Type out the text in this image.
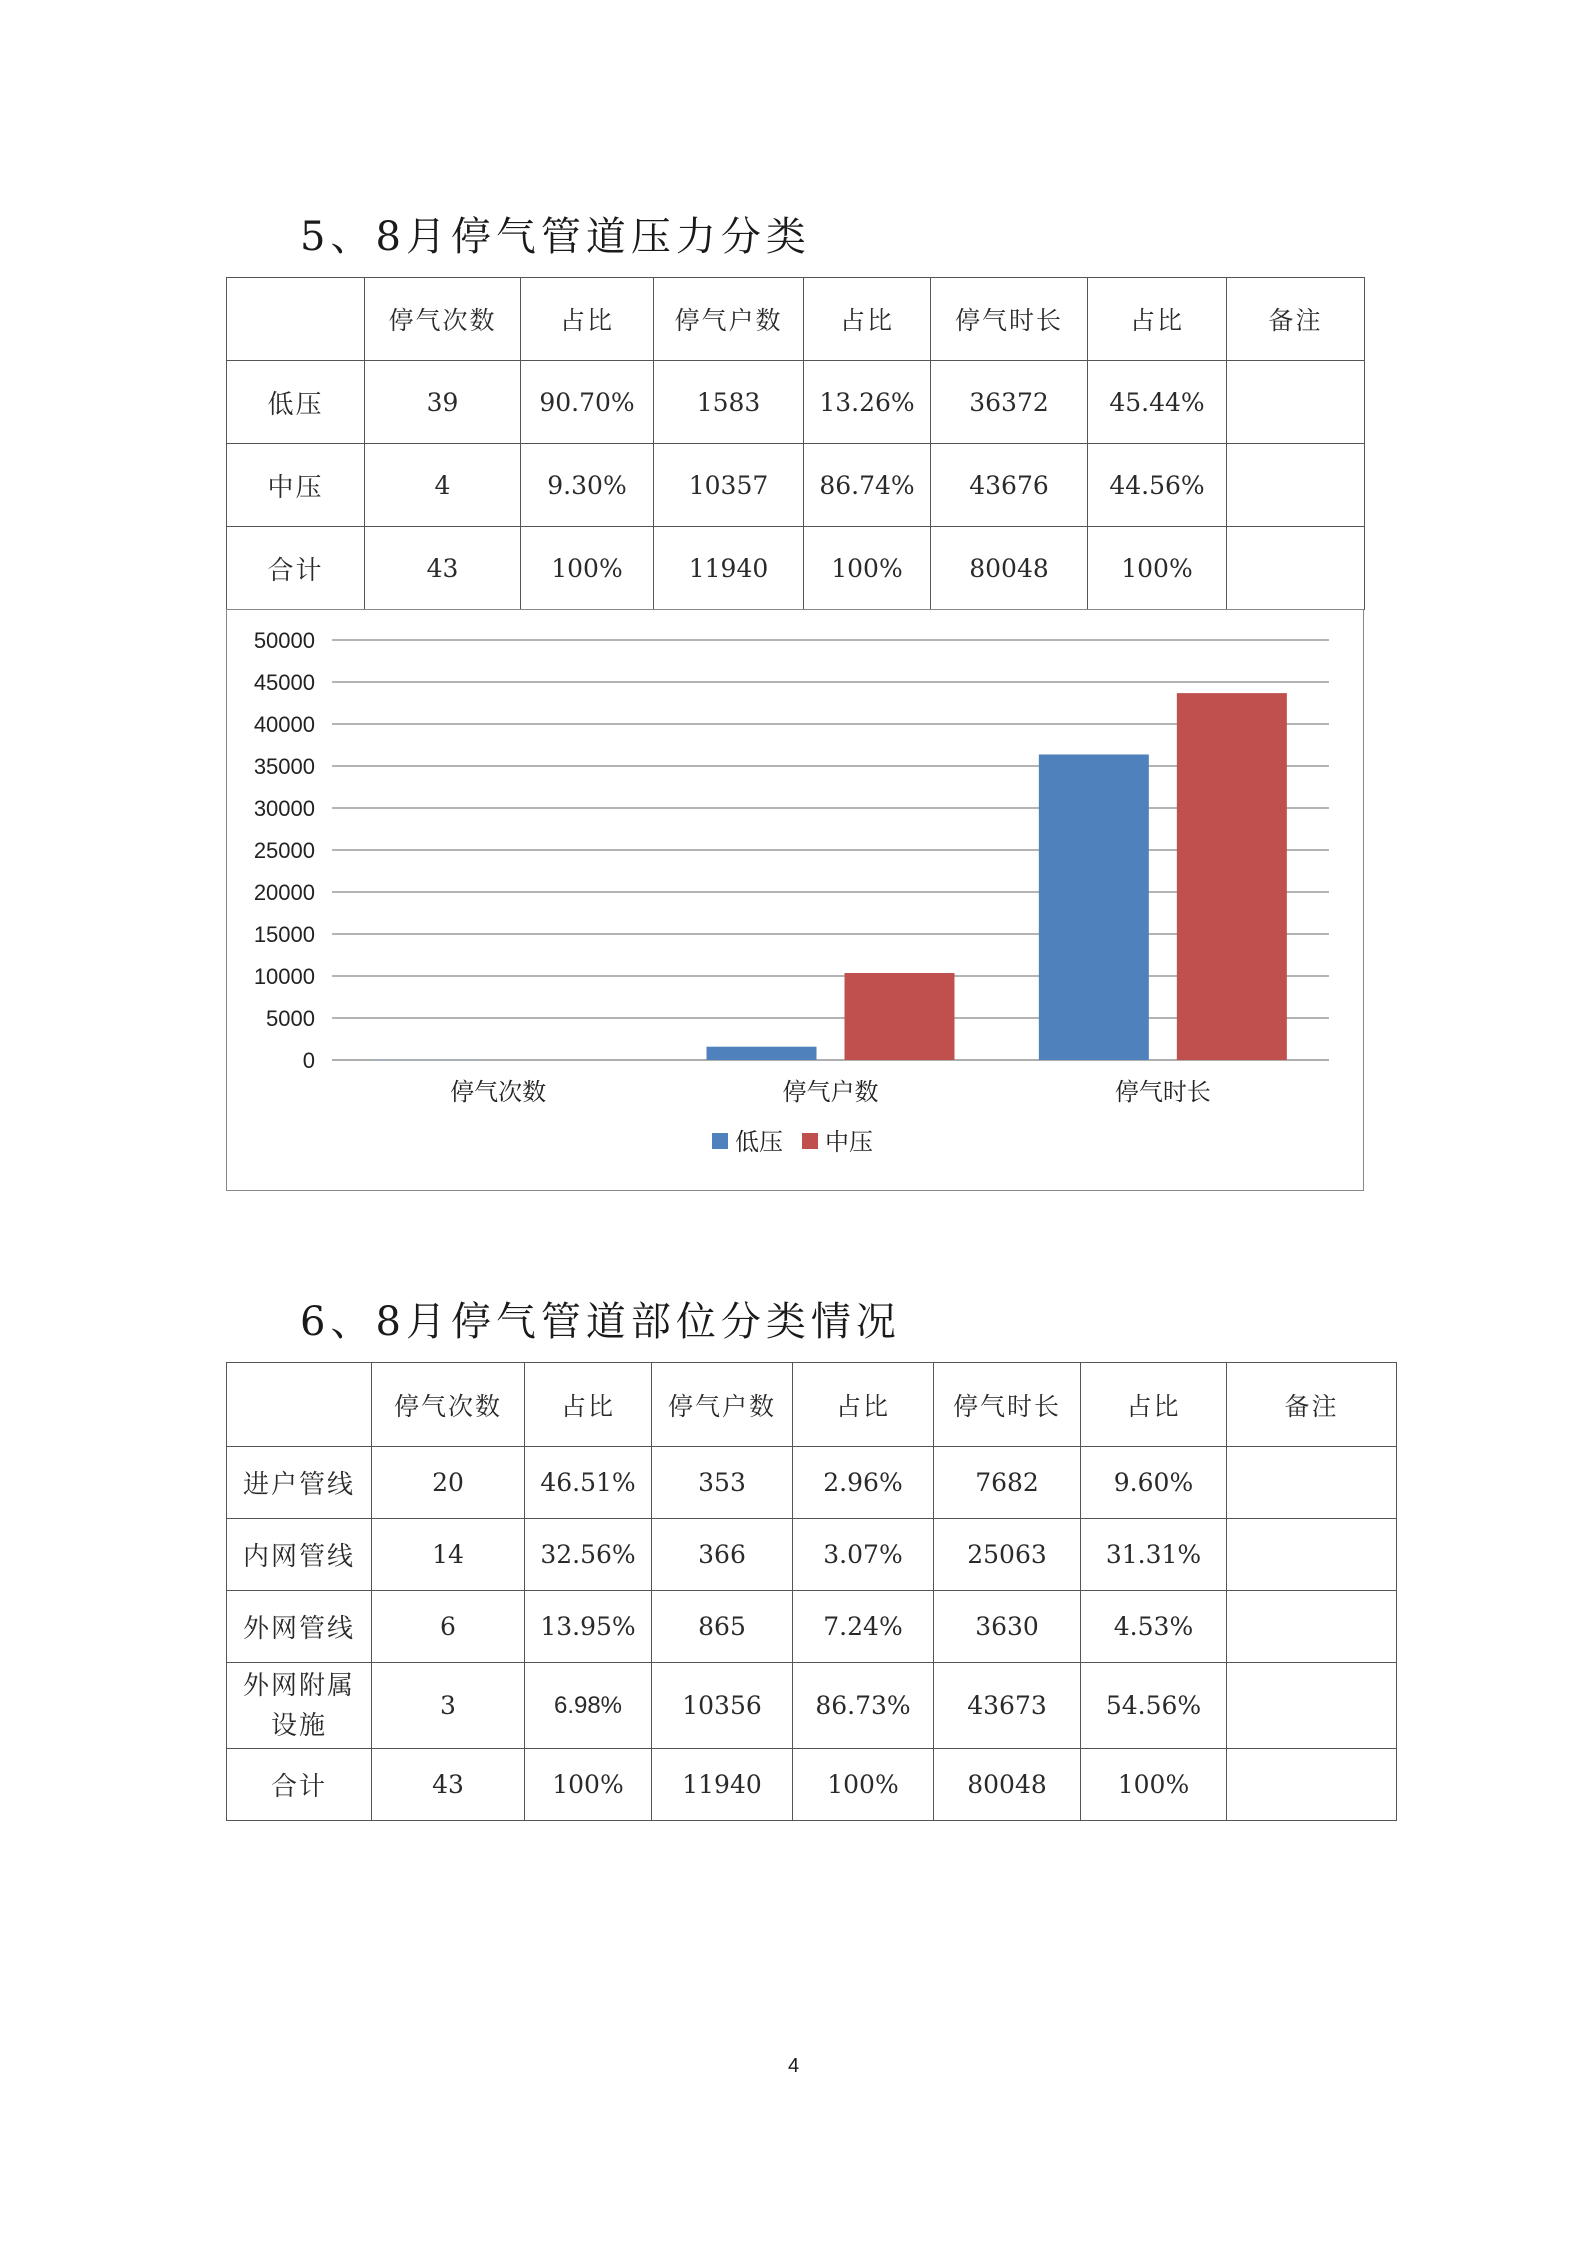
5、8月停气管道压力分类
	停气次数	占比	停气户数	占比	停气时长	占比	备注
低压	39	90.70%	1583	13.26%	36372	45.44%	
中压	4	9.30%	10357	86.74%	43676	44.56%	
合计	43	100%	11940	100%	80048	100%	
0
5000
10000
15000
20000
25000
30000
35000
40000
45000
50000
停气次数	停气户数	停气时长
低压 中压
6、8月停气管道部位分类情况
	停气次数	占比	停气户数	占比	停气时长	占比	备注
进户管线	20	46.51%	353	2.96%	7682	9.60%	
内网管线	14	32.56%	366	3.07%	25063	31.31%	
外网管线	6	13.95%	865	7.24%	3630	4.53%	

外网附属
设施	3	6.98%	10356	86.73%	43673	54.56%	
合计	43	100%	11940	100%	80048	100%	
4
